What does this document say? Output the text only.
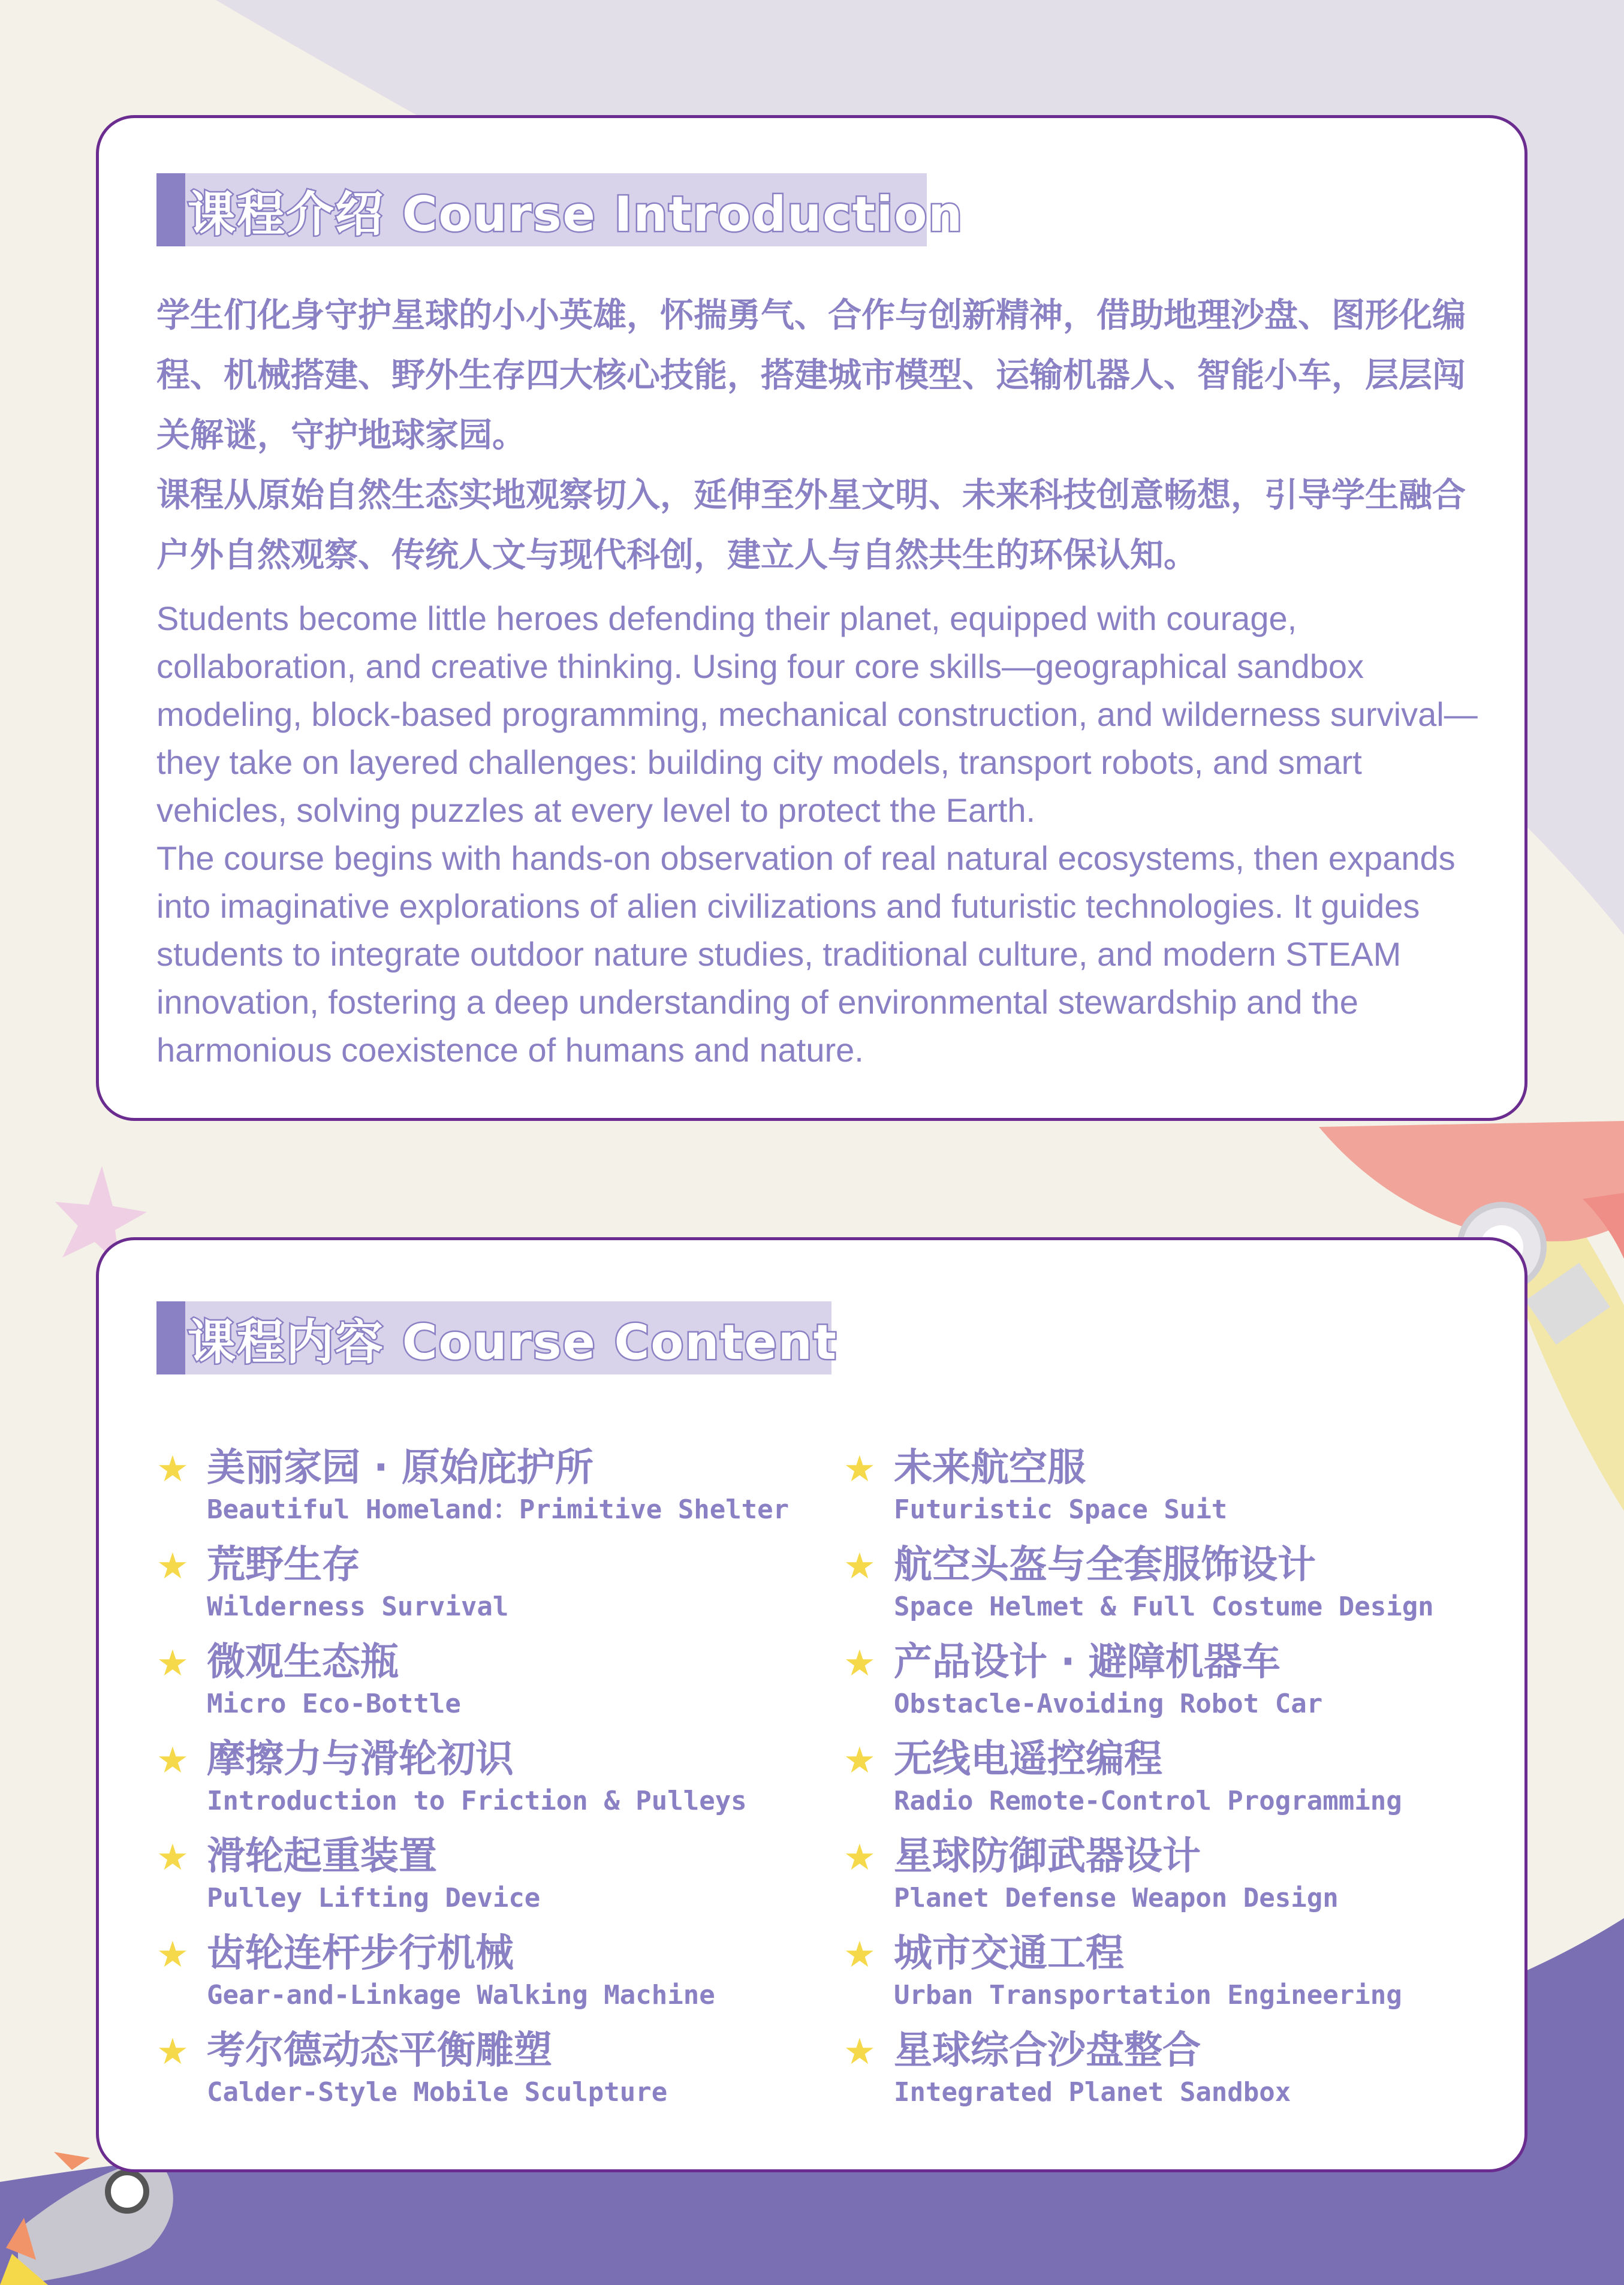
课程介绍 Course Introduction

学生们化身守护星球的小小英雄，怀揣勇气、合作与创新精神，借助地理沙盘、图形化编程、机械搭建、野外生存四大核心技能，搭建城市模型、运输机器人、智能小车，层层闯关解谜，守护地球家园。

课程从原始自然生态实地观察切入，延伸至外星文明、未来科技创意畅想，引导学生融合户外自然观察、传统人文与现代科创，建立人与自然共生的环保认知。

Students become little heroes defending their planet, equipped with courage, collaboration, and creative thinking. Using four core skills—geographical sandbox modeling, block-based programming, mechanical construction, and wilderness survival—they take on layered challenges: building city models, transport robots, and smart vehicles, solving puzzles at every level to protect the Earth.

The course begins with hands-on observation of real natural ecosystems, then expands into imaginative explorations of alien civilizations and futuristic technologies. It guides students to integrate outdoor nature studies, traditional culture, and modern STEAM innovation, fostering a deep understanding of environmental stewardship and the harmonious coexistence of humans and nature.

课程内容 Course Content
★ 美丽家园 · 原始庇护所
Beautiful Homeland：Primitive Shelter
★ 荒野生存
Wilderness Survival
★ 微观生态瓶
Micro Eco-Bottle
★ 摩擦力与滑轮初识
Introduction to Friction & Pulleys
★ 滑轮起重装置
Pulley Lifting Device
★ 齿轮连杆步行机械
Gear-and-Linkage Walking Machine
★ 考尔德动态平衡雕塑
Calder-Style Mobile Sculpture
★ 未来航空服
Futuristic Space Suit
★ 航空头盔与全套服饰设计
Space Helmet & Full Costume Design
★ 产品设计 · 避障机器车
Obstacle-Avoiding Robot Car
★ 无线电遥控编程
Radio Remote-Control Programming
★ 星球防御武器设计
Planet Defense Weapon Design
★ 城市交通工程
Urban Transportation Engineering
★ 星球综合沙盘整合
Integrated Planet Sandbox
